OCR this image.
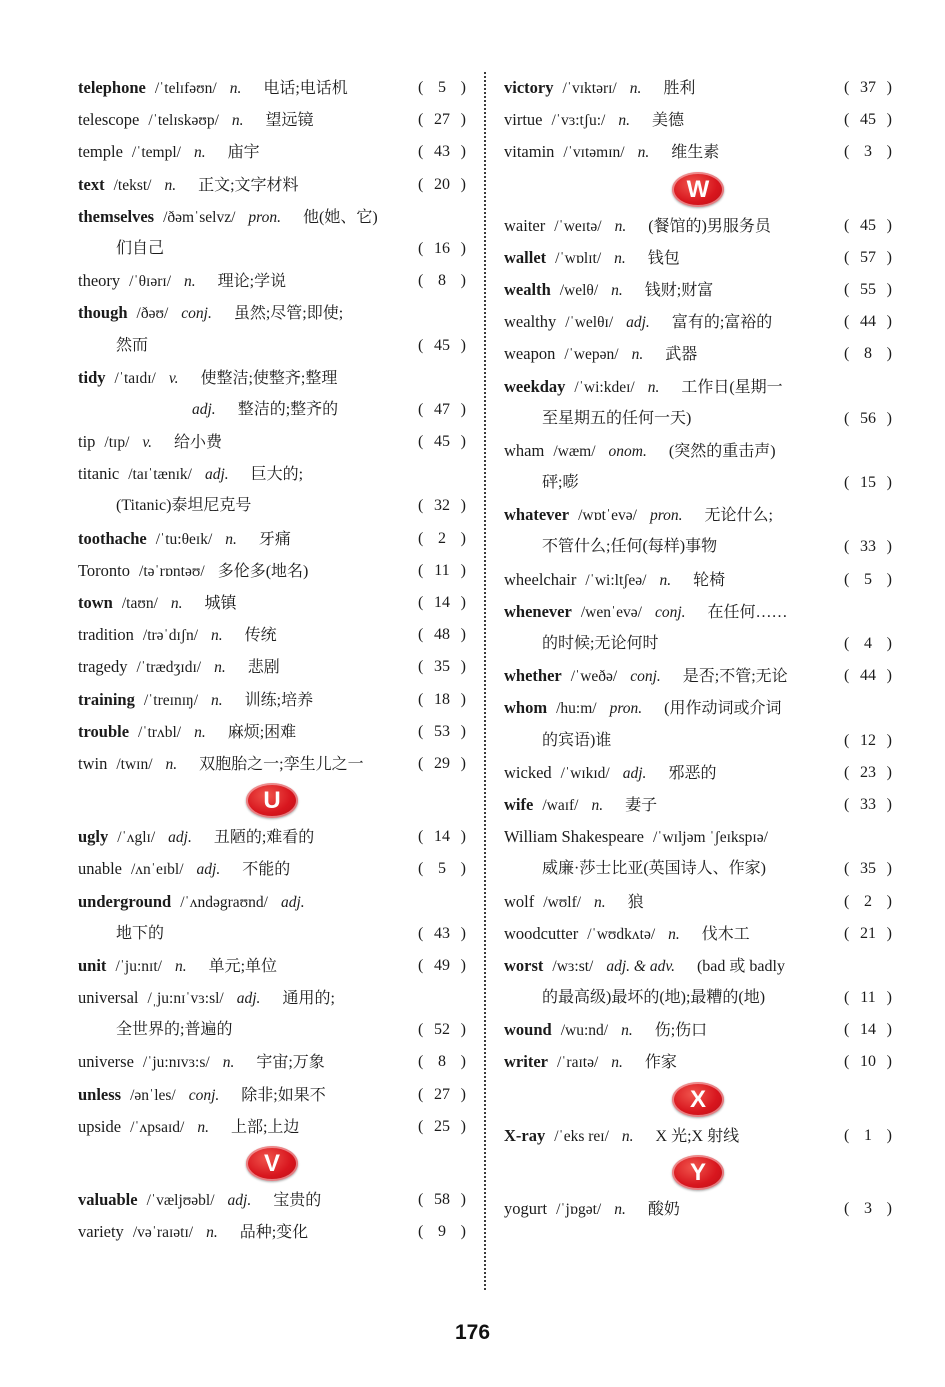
telephone /ˈtelɪfəʊn/ n. 电话;电话机	( 5 )
telescope /ˈtelɪskəʊp/ n. 望远镜	( 27 )
temple /ˈtempl/ n. 庙宇	( 43 )
text /tekst/ n. 正文;文字材料	( 20 )
themselves /ðəmˈselvz/ pron. 他(她、它)
们自己	( 16 )
theory /ˈθɪərɪ/ n. 理论;学说	( 8 )
though /ðəʊ/ conj. 虽然;尽管;即使;
然而	( 45 )
tidy /ˈtaɪdɪ/ v. 使整洁;使整齐;整理
adj. 整洁的;整齐的	( 47 )
tip /tɪp/ v. 给小费	( 45 )
titanic /taɪˈtænɪk/ adj. 巨大的;
(Titanic)泰坦尼克号	( 32 )
toothache /ˈtu:θeɪk/ n. 牙痛	( 2 )
Toronto /təˈrɒntəʊ/ 多伦多(地名)	( 11 )
town /taʊn/ n. 城镇	( 14 )
tradition /trəˈdɪʃn/ n. 传统	( 48 )
tragedy /ˈtrædʒɪdɪ/ n. 悲剧	( 35 )
training /ˈtreɪnɪŋ/ n. 训练;培养	( 18 )
trouble /ˈtrʌbl/ n. 麻烦;困难	( 53 )
twin /twɪn/ n. 双胞胎之一;孪生儿之一	( 29 )
U
ugly /ˈʌglɪ/ adj. 丑陋的;难看的	( 14 )
unable /ʌnˈeɪbl/ adj. 不能的	( 5 )
underground /ˈʌndəgraʊnd/ adj.
地下的	( 43 )
unit /ˈju:nɪt/ n. 单元;单位	( 49 )
universal /ˌju:nɪˈvɜ:sl/ adj. 通用的;
全世界的;普遍的	( 52 )
universe /ˈju:nɪvɜ:s/ n. 宇宙;万象	( 8 )
unless /ənˈles/ conj. 除非;如果不	( 27 )
upside /ˈʌpsaɪd/ n. 上部;上边	( 25 )
V
valuable /ˈvæljʊəbl/ adj. 宝贵的	( 58 )
variety /vəˈraɪətɪ/ n. 品种;变化	( 9 )
victory /ˈvɪktərɪ/ n. 胜利	( 37 )
virtue /ˈvɜ:tʃu:/ n. 美德	( 45 )
vitamin /ˈvɪtəmɪn/ n. 维生素	( 3 )
W
waiter /ˈweɪtə/ n. (餐馆的)男服务员	( 45 )
wallet /ˈwɒlɪt/ n. 钱包	( 57 )
wealth /welθ/ n. 钱财;财富	( 55 )
wealthy /ˈwelθɪ/ adj. 富有的;富裕的	( 44 )
weapon /ˈwepən/ n. 武器	( 8 )
weekday /ˈwi:kdeɪ/ n. 工作日(星期一
至星期五的任何一天)	( 56 )
wham /wæm/ onom. (突然的重击声)
砰;嘭	( 15 )
whatever /wɒtˈevə/ pron. 无论什么;
不管什么;任何(每样)事物	( 33 )
wheelchair /ˈwi:ltʃeə/ n. 轮椅	( 5 )
whenever /wenˈevə/ conj. 在任何……
的时候;无论何时	( 4 )
whether /ˈweðə/ conj. 是否;不管;无论	( 44 )
whom /hu:m/ pron. (用作动词或介词
的宾语)谁	( 12 )
wicked /ˈwɪkɪd/ adj. 邪恶的	( 23 )
wife /waɪf/ n. 妻子	( 33 )
William Shakespeare /ˈwɪljəm ˈʃeɪkspɪə/
威廉·莎士比亚(英国诗人、作家)	( 35 )
wolf /wʊlf/ n. 狼	( 2 )
woodcutter /ˈwʊdkʌtə/ n. 伐木工	( 21 )
worst /wɜ:st/ adj. & adv. (bad 或 badly
的最高级)最坏的(地);最糟的(地)	( 11 )
wound /wu:nd/ n. 伤;伤口	( 14 )
writer /ˈraɪtə/ n. 作家	( 10 )
X
X-ray /ˈeks reɪ/ n. X 光;X 射线	( 1 )
Y
yogurt /ˈjɒgət/ n. 酸奶	( 3 )
176
